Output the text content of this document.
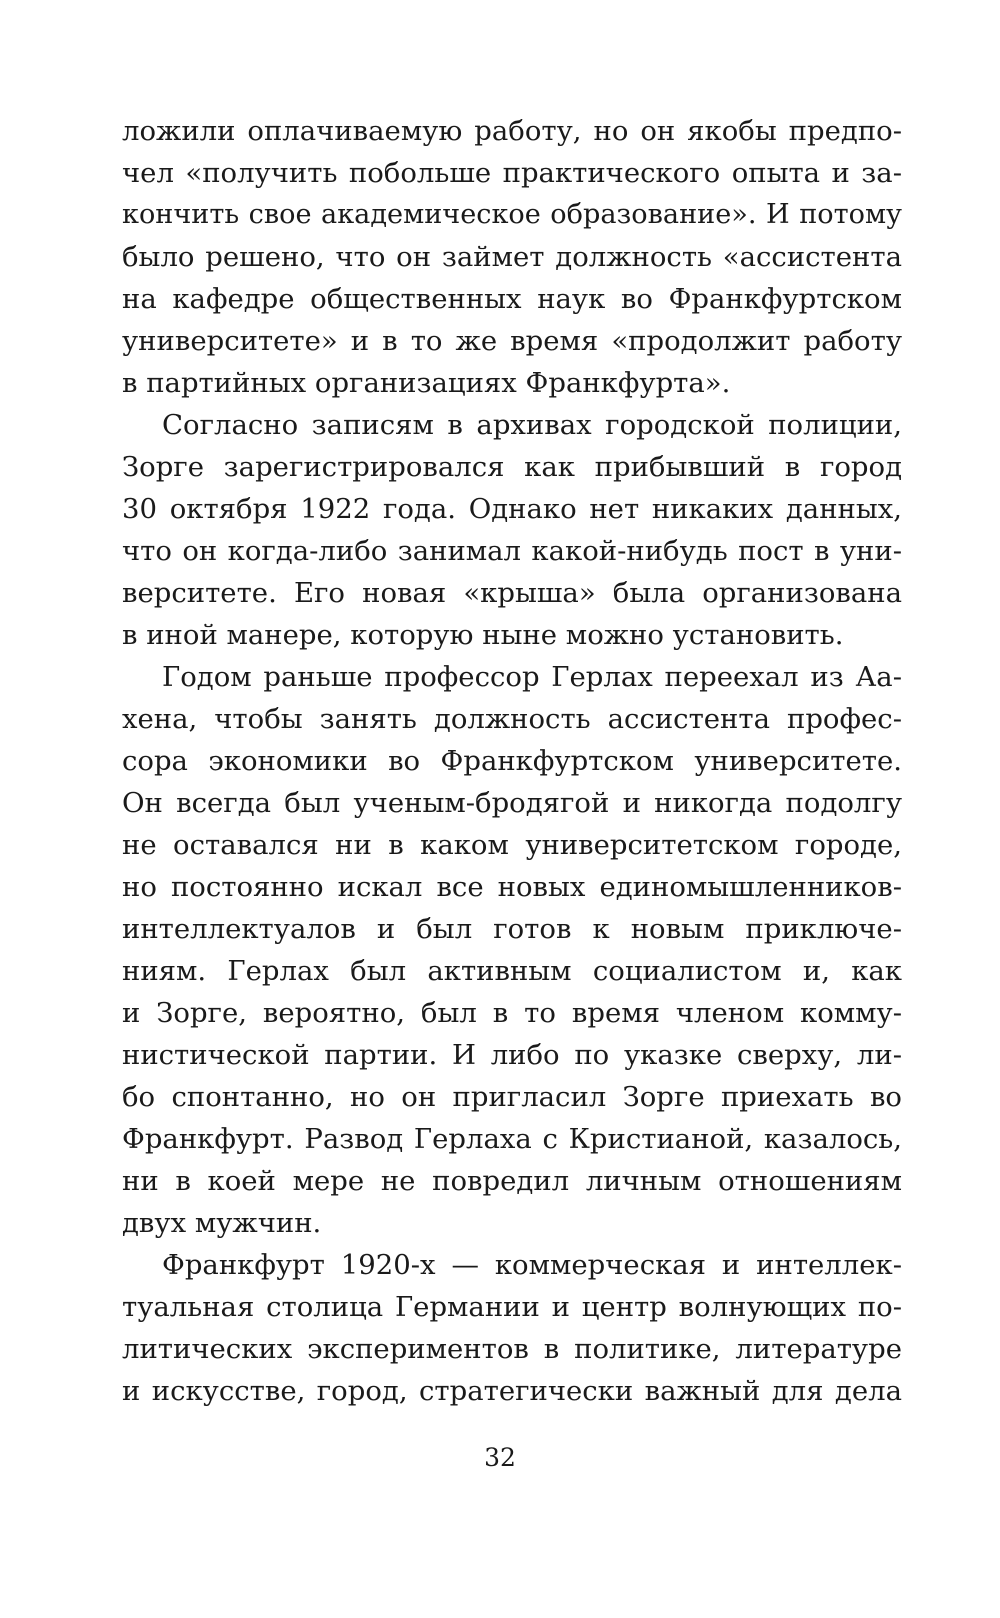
ложили оплачиваемую работу, но он якобы предпо-
чел «получить побольше практического опыта и за-
кончить свое академическое образование». И потому
было решено, что он займет должность «ассистента
на кафедре общественных наук во Франкфуртском
университете» и в то же время «продолжит работу
в партийных организациях Франкфурта».
Согласно записям в архивах городской полиции,
Зорге зарегистрировался как прибывший в город
30 октября 1922 года. Однако нет никаких данных,
что он когда-либо занимал какой-нибудь пост в уни-
верситете. Его новая «крыша» была организована
в иной манере, которую ныне можно установить.
Годом раньше профессор Герлах переехал из Аа-
хена, чтобы занять должность ассистента профес-
сора экономики во Франкфуртском университете.
Он всегда был ученым-бродягой и никогда подолгу
не оставался ни в каком университетском городе,
но постоянно искал все новых единомышленников-
интеллектуалов и был готов к новым приключе-
ниям. Герлах был активным социалистом и, как
и Зорге, вероятно, был в то время членом комму-
нистической партии. И либо по указке сверху, ли-
бо спонтанно, но он пригласил Зорге приехать во
Франкфурт. Развод Герлаха с Кристианой, казалось,
ни в коей мере не повредил личным отношениям
двух мужчин.
Франкфурт 1920-х — коммерческая и интеллек-
туальная столица Германии и центр волнующих по-
литических экспериментов в политике, литературе
и искусстве, город, стратегически важный для дела
32
